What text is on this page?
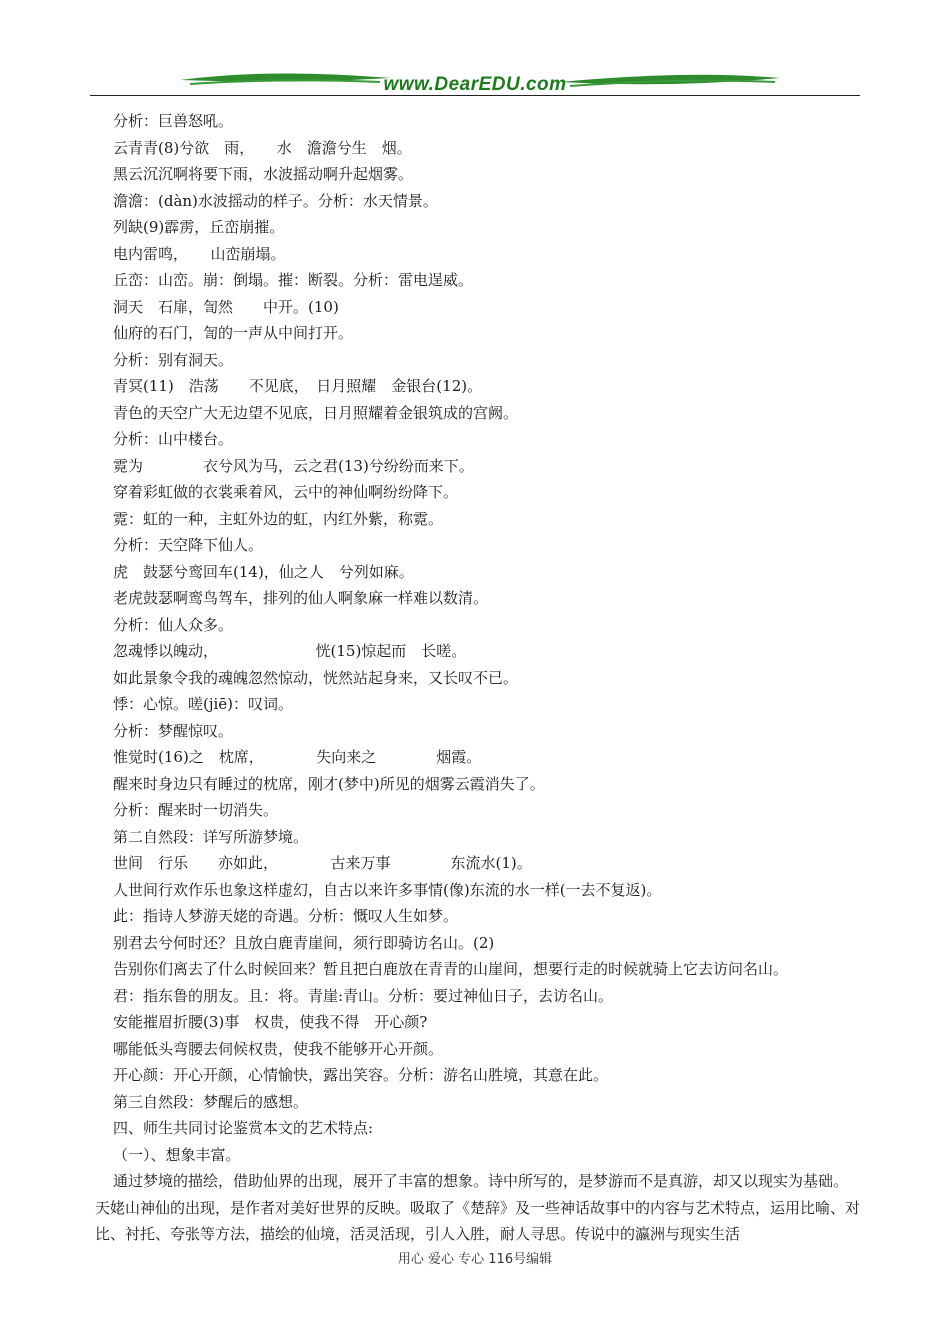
www.DearEDU.com
分析：巨兽怒吼。
云青青(8)兮欲　雨，　　水　澹澹兮生　烟。
黑云沉沉啊将要下雨，水波摇动啊升起烟雾。
澹澹：(dàn)水波摇动的样子。分析：水天情景。
列缺(9)霹雳，丘峦崩摧。
电内雷鸣，　　山峦崩塌。
丘峦：山峦。崩：倒塌。摧：断裂。分析：雷电逞威。
洞天　石扉，訇然　　中开。(10)
仙府的石门，訇的一声从中间打开。
分析：别有洞天。
青冥(11)　浩荡　　不见底，　日月照耀　金银台(12)。
青色的天空广大无边望不见底，日月照耀着金银筑成的宫阙。
分析：山中楼台。
霓为　　　　衣兮风为马，云之君(13)兮纷纷而来下。
穿着彩虹做的衣裳乘着风，云中的神仙啊纷纷降下。
霓：虹的一种，主虹外边的虹，内红外紫，称霓。
分析：天空降下仙人。
虎　鼓瑟兮鸾回车(14)，仙之人　兮列如麻。
老虎鼓瑟啊鸾鸟驾车，排列的仙人啊象麻一样难以数清。
分析：仙人众多。
忽魂悸以魄动，　　　　　　　恍(15)惊起而　长嗟。
如此景象令我的魂魄忽然惊动，恍然站起身来，又长叹不已。
悸：心惊。嗟(jiē)：叹词。
分析：梦醒惊叹。
惟觉时(16)之　枕席，　　　　失向来之　　　　烟霞。
醒来时身边只有睡过的枕席，刚才(梦中)所见的烟雾云霞消失了。
分析：醒来时一切消失。
第二自然段：详写所游梦境。
世间　行乐　　亦如此，　　　　古来万事　　　　东流水(1)。
人世间行欢作乐也象这样虚幻，自古以来许多事情(像)东流的水一样(一去不复返)。
此：指诗人梦游天姥的奇遇。分析：慨叹人生如梦。
别君去兮何时还？且放白鹿青崖间，须行即骑访名山。(2)
告别你们离去了什么时候回来？暂且把白鹿放在青青的山崖间，想要行走的时候就骑上它去访问名山。
君：指东鲁的朋友。且：将。青崖:青山。分析：要过神仙日子，去访名山。
安能摧眉折腰(3)事　权贵，使我不得　开心颜?
哪能低头弯腰去伺候权贵，使我不能够开心开颜。
开心颜：开心开颜，心情愉快，露出笑容。分析：游名山胜境，其意在此。
第三自然段：梦醒后的感想。
四、师生共同讨论鉴赏本文的艺术特点:
（一）、想象丰富。
通过梦境的描绘，借助仙界的出现，展开了丰富的想象。诗中所写的，是梦游而不是真游，却又以现实为基础。天姥山神仙的出现，是作者对美好世界的反映。吸取了《楚辞》及一些神话故事中的内容与艺术特点，运用比喻、对比、衬托、夸张等方法，描绘的仙境，活灵活现，引人入胜，耐人寻思。传说中的瀛洲与现实生活
用心 爱心 专心 116号编辑
